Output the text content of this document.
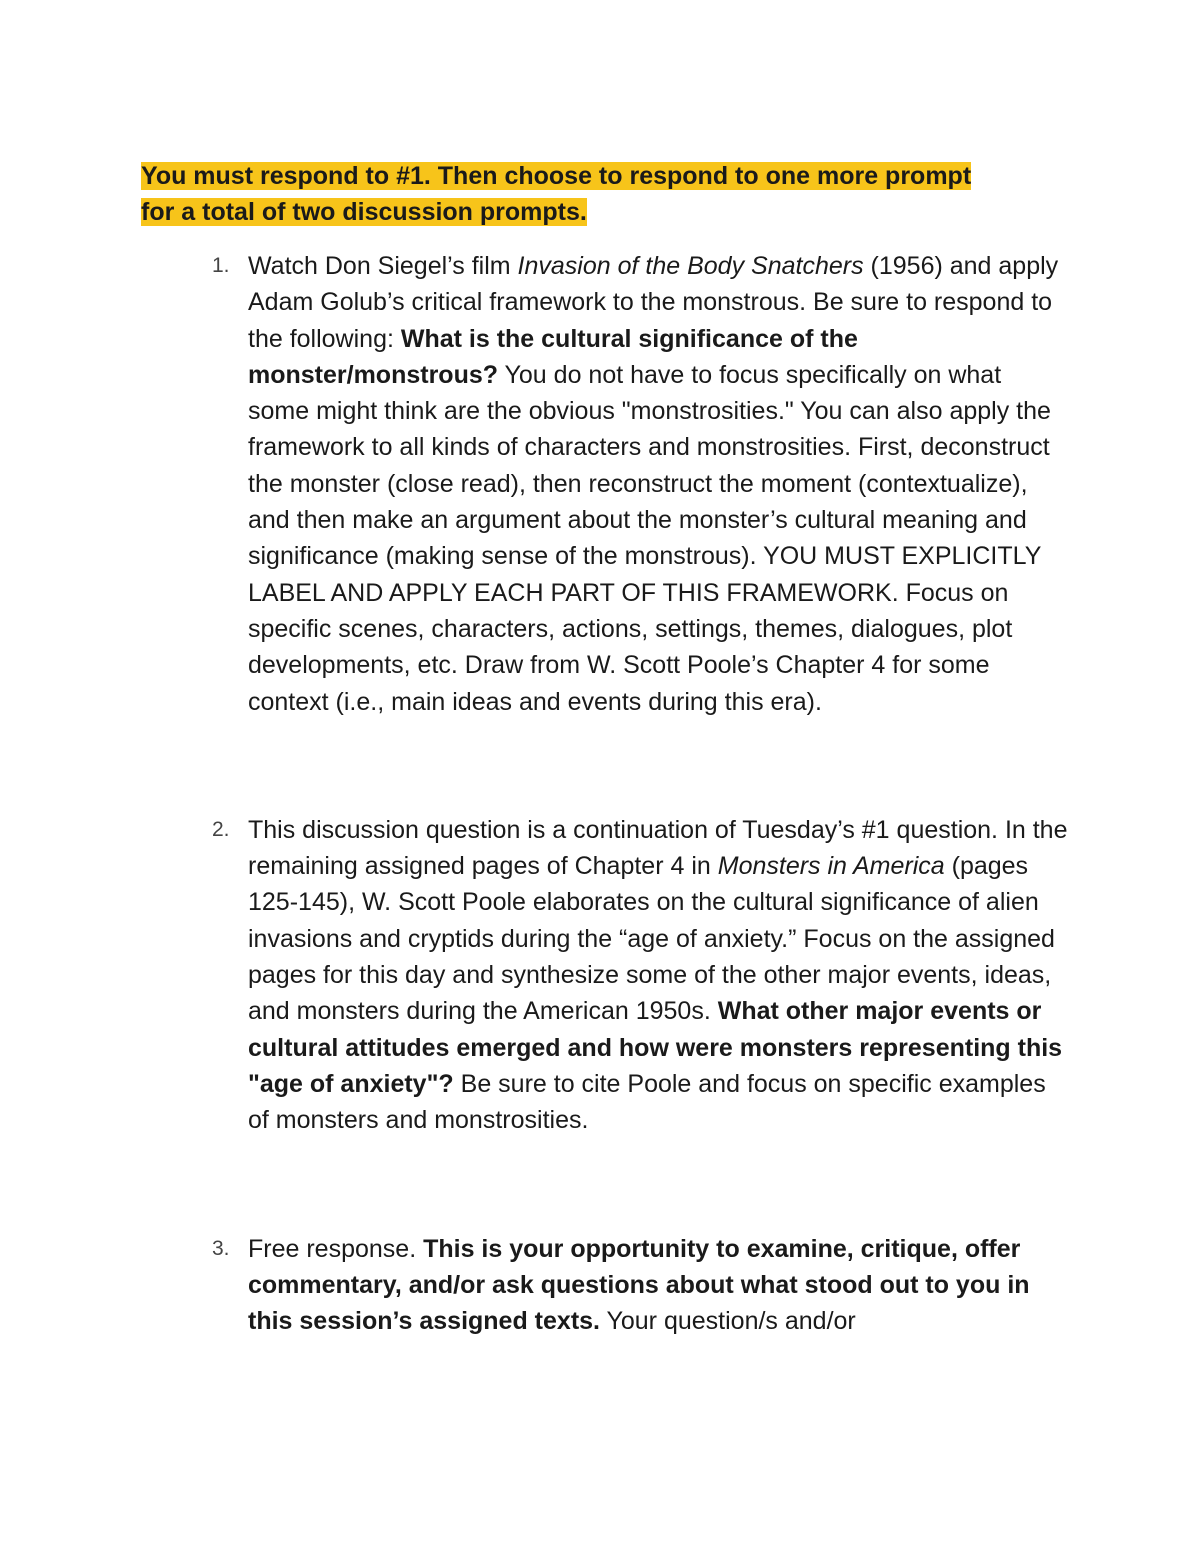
You must respond to #1. Then choose to respond to one more prompt
for a total of two discussion prompts.
1. Watch Don Siegel’s film Invasion of the Body Snatchers (1956) and apply Adam Golub’s critical framework to the monstrous. Be sure to respond to the following: What is the cultural significance of the monster/monstrous? You do not have to focus specifically on what some might think are the obvious "monstrosities." You can also apply the framework to all kinds of characters and monstrosities. First, deconstruct the monster (close read), then reconstruct the moment (contextualize), and then make an argument about the monster’s cultural meaning and significance (making sense of the monstrous). YOU MUST EXPLICITLY LABEL AND APPLY EACH PART OF THIS FRAMEWORK. Focus on specific scenes, characters, actions, settings, themes, dialogues, plot developments, etc. Draw from W. Scott Poole’s Chapter 4 for some context (i.e., main ideas and events during this era).
2. This discussion question is a continuation of Tuesday’s #1 question. In the remaining assigned pages of Chapter 4 in Monsters in America (pages 125-145), W. Scott Poole elaborates on the cultural significance of alien invasions and cryptids during the “age of anxiety.” Focus on the assigned pages for this day and synthesize some of the other major events, ideas, and monsters during the American 1950s. What other major events or cultural attitudes emerged and how were monsters representing this "age of anxiety"? Be sure to cite Poole and focus on specific examples of monsters and monstrosities.
3. Free response. This is your opportunity to examine, critique, offer commentary, and/or ask questions about what stood out to you in this session’s assigned texts. Your question/s and/or
